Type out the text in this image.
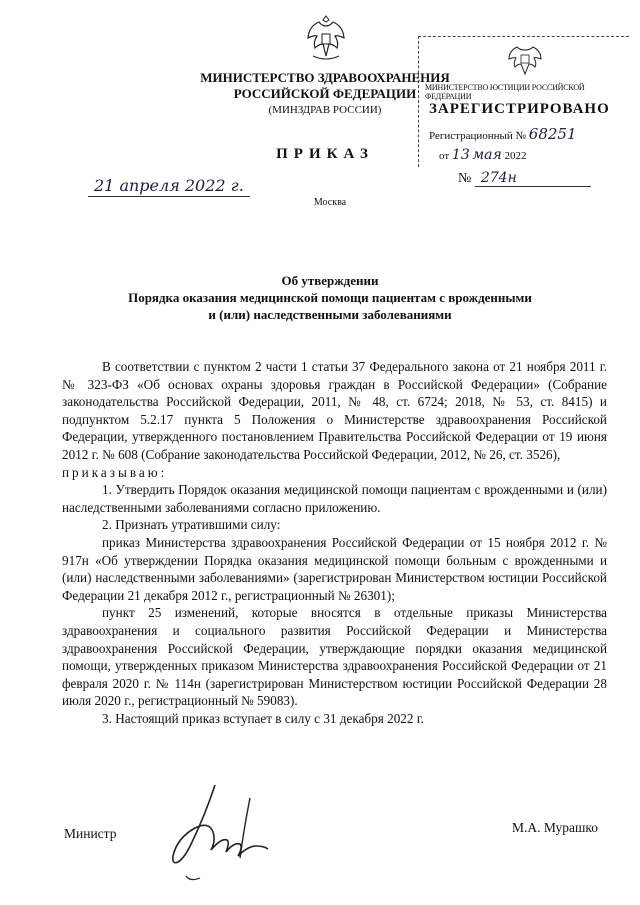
МИНИСТЕРСТВО ЗДРАВООХРАНЕНИЯ
РОССИЙСКОЙ ФЕДЕРАЦИИ
(МИНЗДРАВ РОССИИ)
ПРИКАЗ
21 апреля 2022 г.
Москва
№ 274н
МИНИСТЕРСТВО ЮСТИЦИИ РОССИЙСКОЙ ФЕДЕРАЦИИ
ЗАРЕГИСТРИРОВАНО
Регистрационный № 68251
от 13 мая 2022
Об утверждении
Порядка оказания медицинской помощи пациентам с врожденными
и (или) наследственными заболеваниями

В соответствии с пунктом 2 части 1 статьи 37 Федерального закона от 21 ноября 2011 г. № 323-ФЗ «Об основах охраны здоровья граждан в Российской Федерации» (Собрание законодательства Российской Федерации, 2011, № 48, ст. 6724; 2018, № 53, ст. 8415) и подпунктом 5.2.17 пункта 5 Положения о Министерстве здравоохранения Российской Федерации, утвержденного постановлением Правительства Российской Федерации от 19 июня 2012 г. № 608 (Собрание законодательства Российской Федерации, 2012, № 26, ст. 3526),

приказываю:

1. Утвердить Порядок оказания медицинской помощи пациентам с врожденными и (или) наследственными заболеваниями согласно приложению.

2. Признать утратившими силу:

приказ Министерства здравоохранения Российской Федерации от 15 ноября 2012 г. № 917н «Об утверждении Порядка оказания медицинской помощи больным с врожденными и (или) наследственными заболеваниями» (зарегистрирован Министерством юстиции Российской Федерации 21 декабря 2012 г., регистрационный № 26301);

пункт 25 изменений, которые вносятся в отдельные приказы Министерства здравоохранения и социального развития Российской Федерации и Министерства здравоохранения Российской Федерации, утверждающие порядки оказания медицинской помощи, утвержденных приказом Министерства здравоохранения Российской Федерации от 21 февраля 2020 г. № 114н (зарегистрирован Министерством юстиции Российской Федерации 28 июля 2020 г., регистрационный № 59083).

3. Настоящий приказ вступает в силу с 31 декабря 2022 г.

Министр	М.А. Мурашко
